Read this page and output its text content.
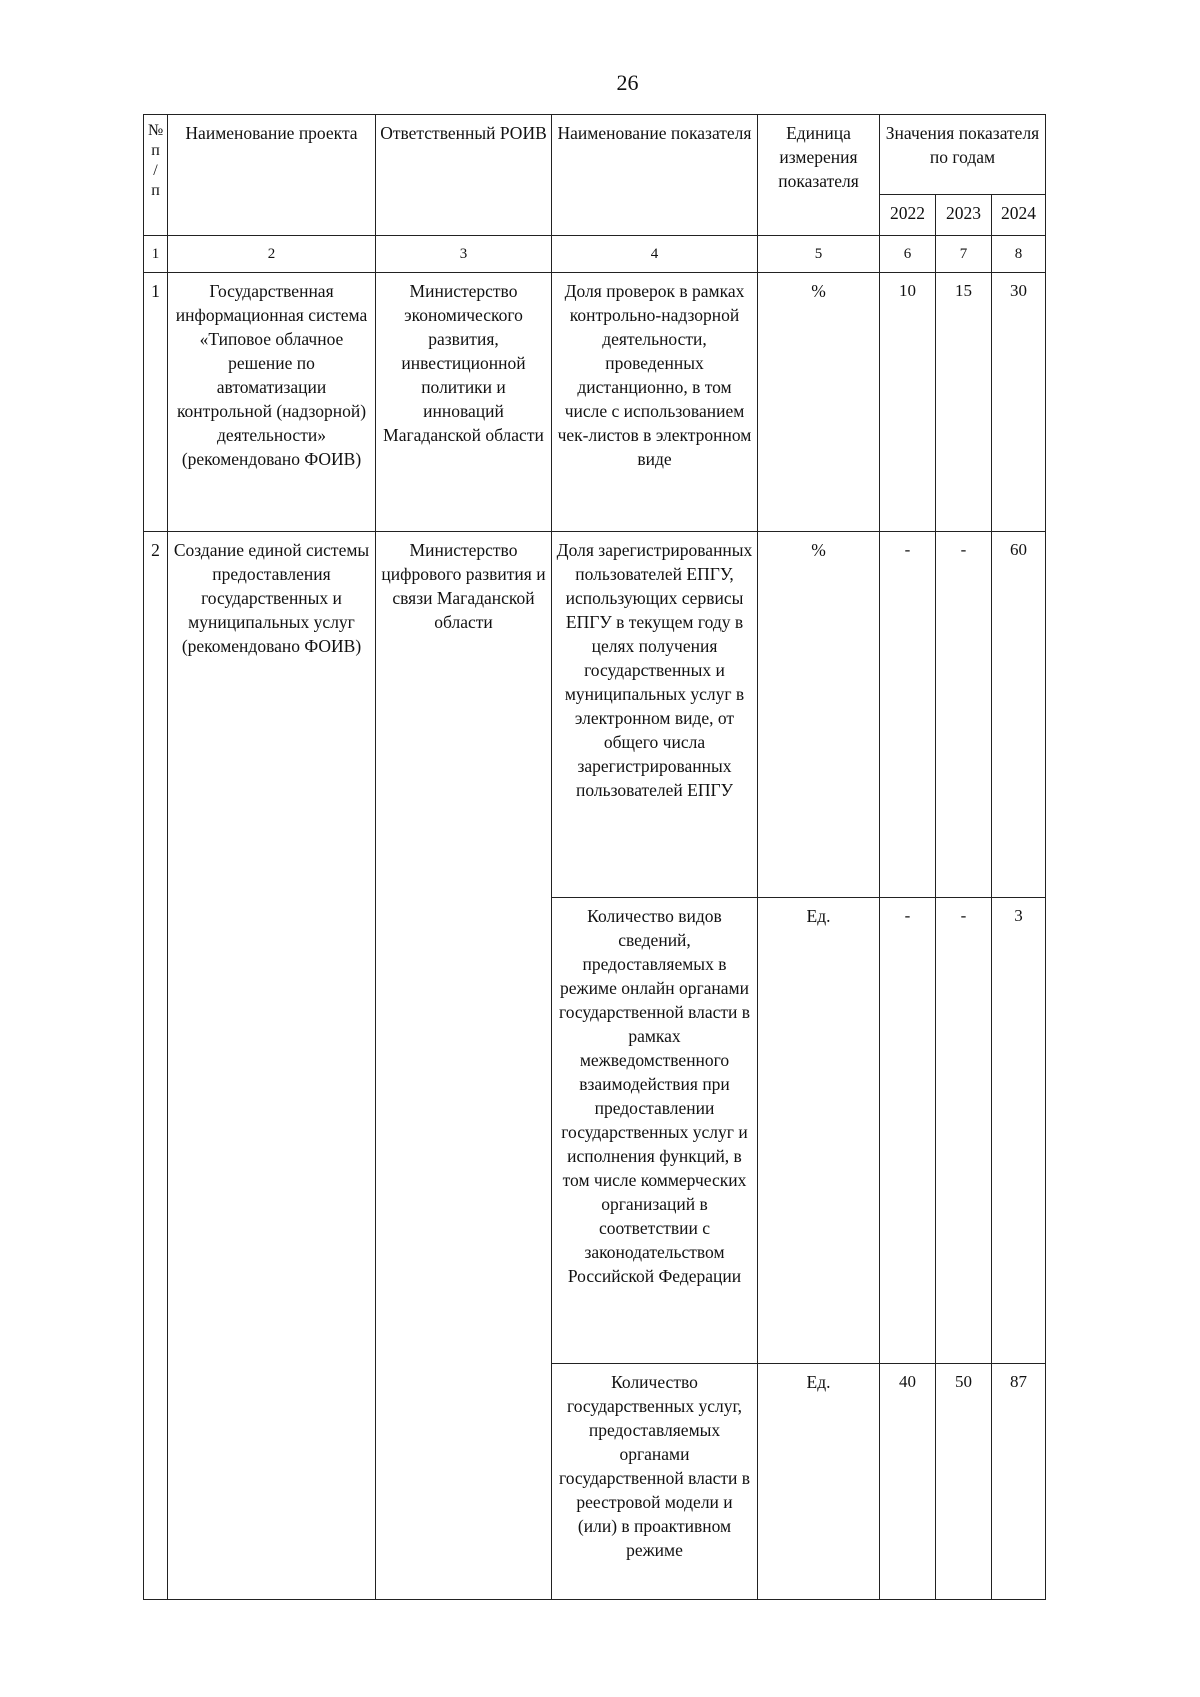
26
№ п / п	Наименование проекта	Ответственный РОИВ	Наименование показателя	Единица измерения показателя	Значения показателя по годам		
					2022	2023	2024
1	2	3	4	5	6	7	8
1	Государственная информационная система «Типовое облачное решение по автоматизации контрольной (надзорной) деятельности» (рекомендовано ФОИВ)	Министерство экономического развития, инвестиционной политики и инноваций Магаданской области	Доля проверок в рамках контрольно-надзорной деятельности, проведенных дистанционно, в том числе с использованием чек-листов в электронном виде	%	10	15	30
2	Создание единой системы предоставления государственных и муниципальных услуг (рекомендовано ФОИВ)	Министерство цифрового развития и связи Магаданской области	Доля зарегистрированных пользователей ЕПГУ, использующих сервисы ЕПГУ в текущем году в целях получения государственных и муниципальных услуг в электронном виде, от общего числа зарегистрированных пользователей ЕПГУ	%	-	-	60
			Количество видов сведений, предоставляемых в режиме онлайн органами государственной власти в рамках межведомственного взаимодействия при предоставлении государственных услуг и исполнения функций, в том числе коммерческих организаций в соответствии с законодательством Российской Федерации	Ед.	-	-	3
			Количество государственных услуг, предоставляемых органами государственной власти в реестровой модели и (или) в проактивном режиме	Ед.	40	50	87
